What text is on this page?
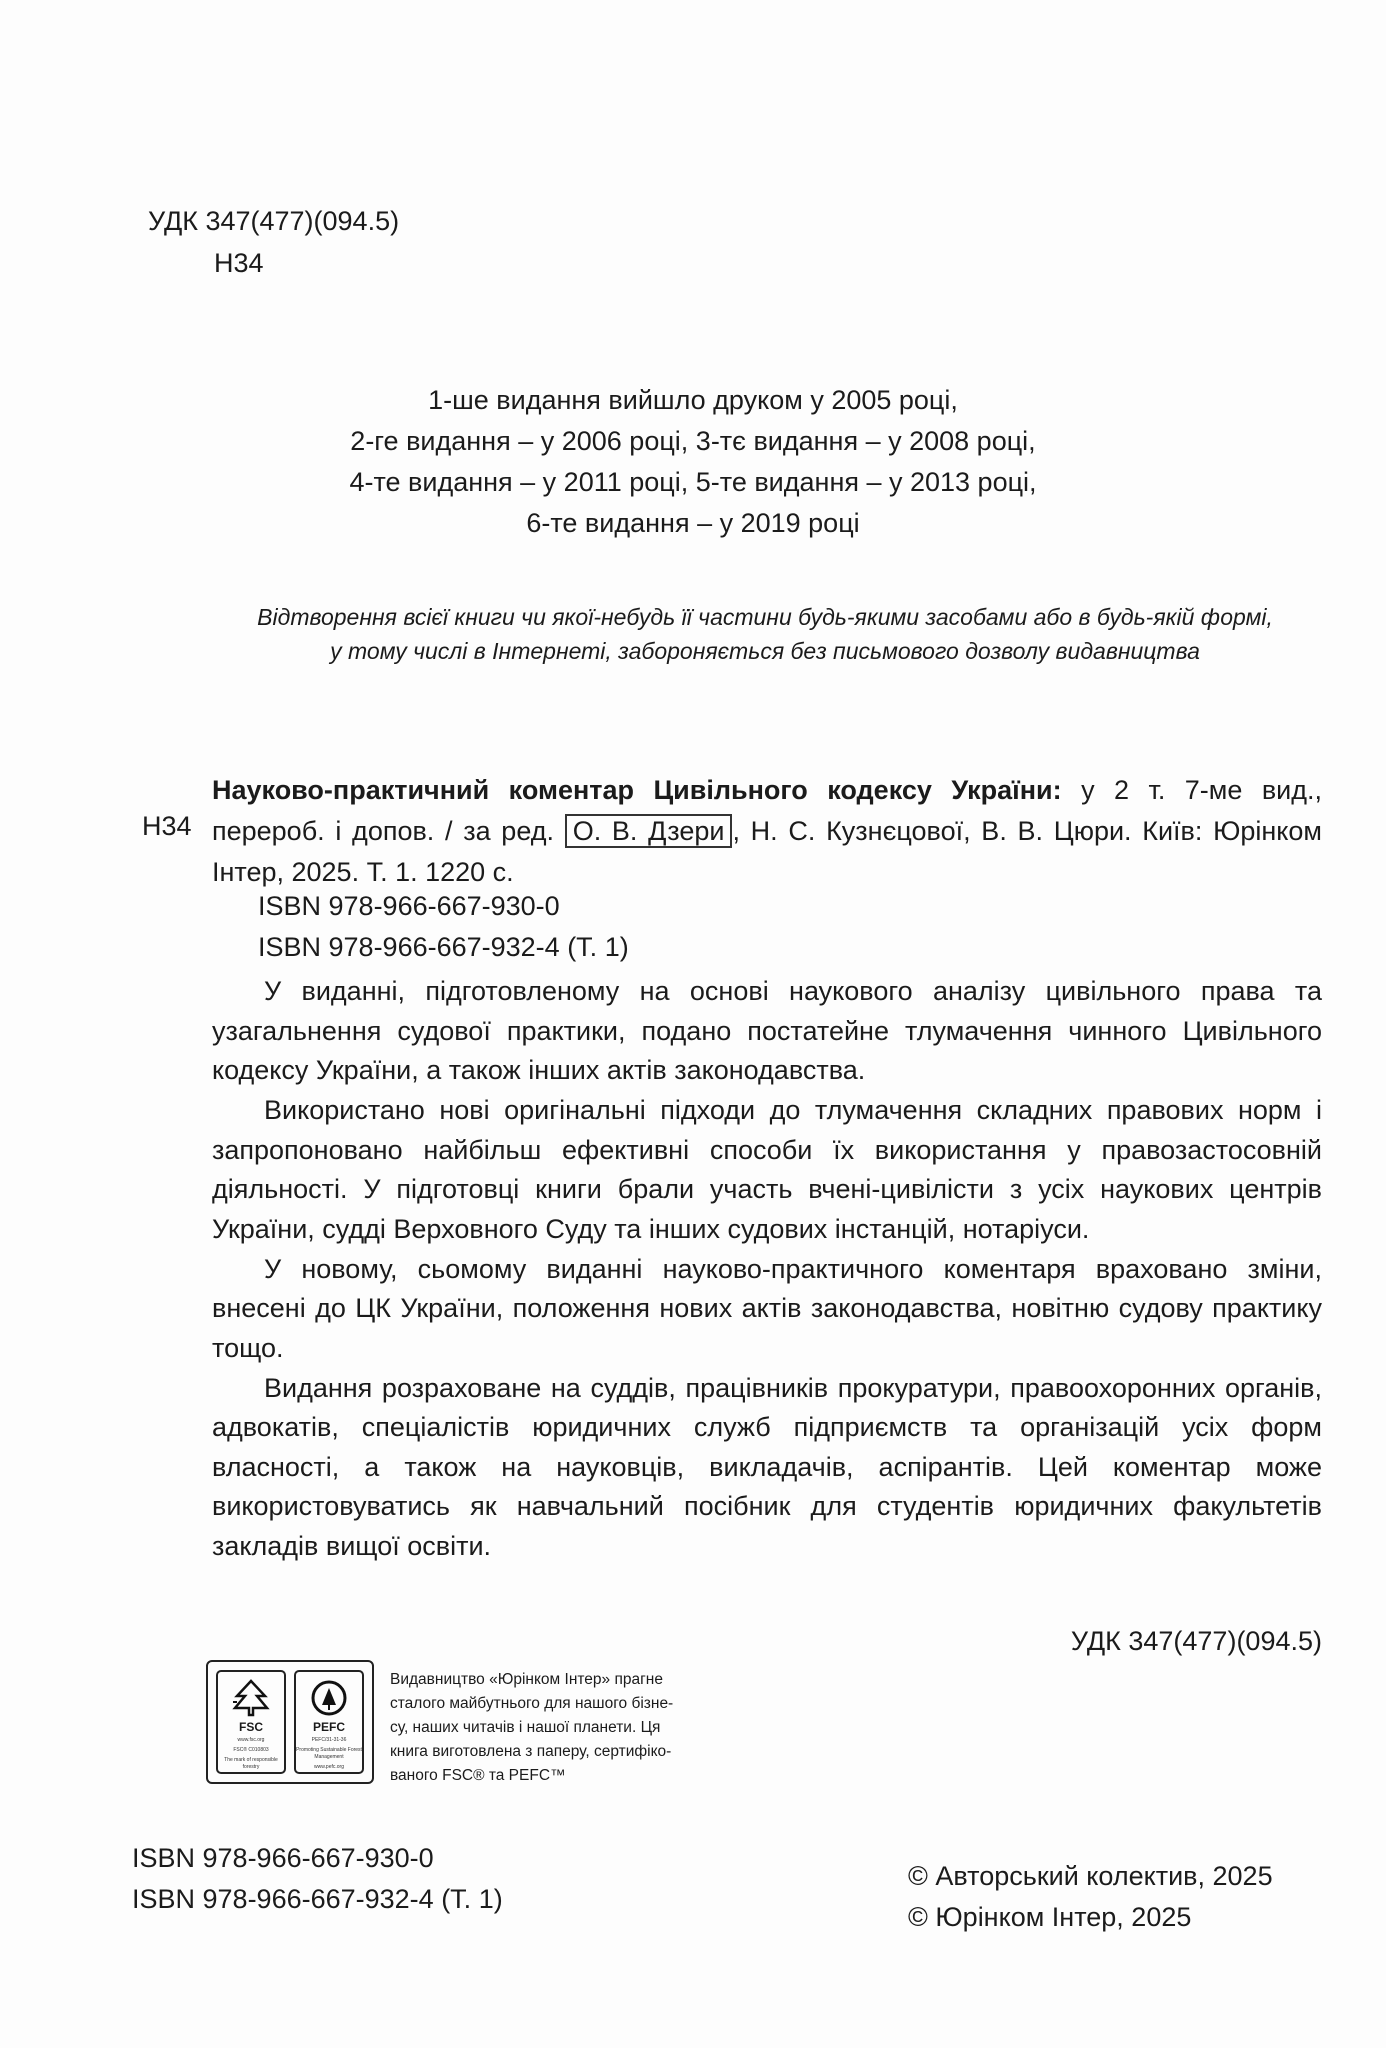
УДК 347(477)(094.5)
Н34
1-ше видання вийшло друком у 2005 році,
2-ге видання – у 2006 році, 3-тє видання – у 2008 році,
4-те видання – у 2011 році, 5-те видання – у 2013 році,
6-те видання – у 2019 році
Відтворення всієї книги чи якої-небудь її частини будь-якими засобами або в будь-якій формі,
у тому числі в Інтернеті, забороняється без письмового дозволу видавництва
Н34

Науково-практичний коментар Цивільного кодексу України: у 2 т. 7-ме вид., перероб. і допов. / за ред. О. В. Дзери , Н. С. Кузнєцової, В. В. Цюри. Київ: Юрінком Інтер, 2025. Т. 1. 1220 с.

ISBN 978-966-667-930-0
ISBN 978-966-667-932-4 (Т. 1)

У виданні, підготовленому на основі наукового аналізу цивільного права та узагальнення судової практики, подано постатейне тлумачення чинного Цивільного кодексу України, а також інших актів законодавства.

Використано нові оригінальні підходи до тлумачення складних правових норм і запропоновано найбільш ефективні способи їх використання у правозастосовній діяльності. У підготовці книги брали участь вчені-цивілісти з усіх наукових центрів України, судді Верховного Суду та інших судових інстанцій, нотаріуси.

У новому, сьомому виданні науково-практичного коментаря враховано зміни, внесені до ЦК України, положення нових актів законодавства, новітню судову практику тощо.

Видання розраховане на суддів, працівників прокуратури, правоохоронних органів, адвокатів, спеціалістів юридичних служб підприємств та організацій усіх форм власності, а також на науковців, викладачів, аспірантів. Цей коментар може використовуватись як навчальний посібник для студентів юридичних факультетів закладів вищої освіти.

УДК 347(477)(094.5)
FSC
www.fsc.org
FSC® C010803
The mark of responsible forestry
PEFC
PEFC/31-31-36
Promoting Sustainable Forest Management
www.pefc.org
Видавництво «Юрінком Інтер» прагне
сталого майбутнього для нашого бізне-
су, наших читачів і нашої планети. Ця
книга виготовлена з паперу, сертифіко-
ваного FSC® та PEFC™
ISBN 978-966-667-930-0
ISBN 978-966-667-932-4 (Т. 1)
© Авторський колектив, 2025
© Юрінком Інтер, 2025
